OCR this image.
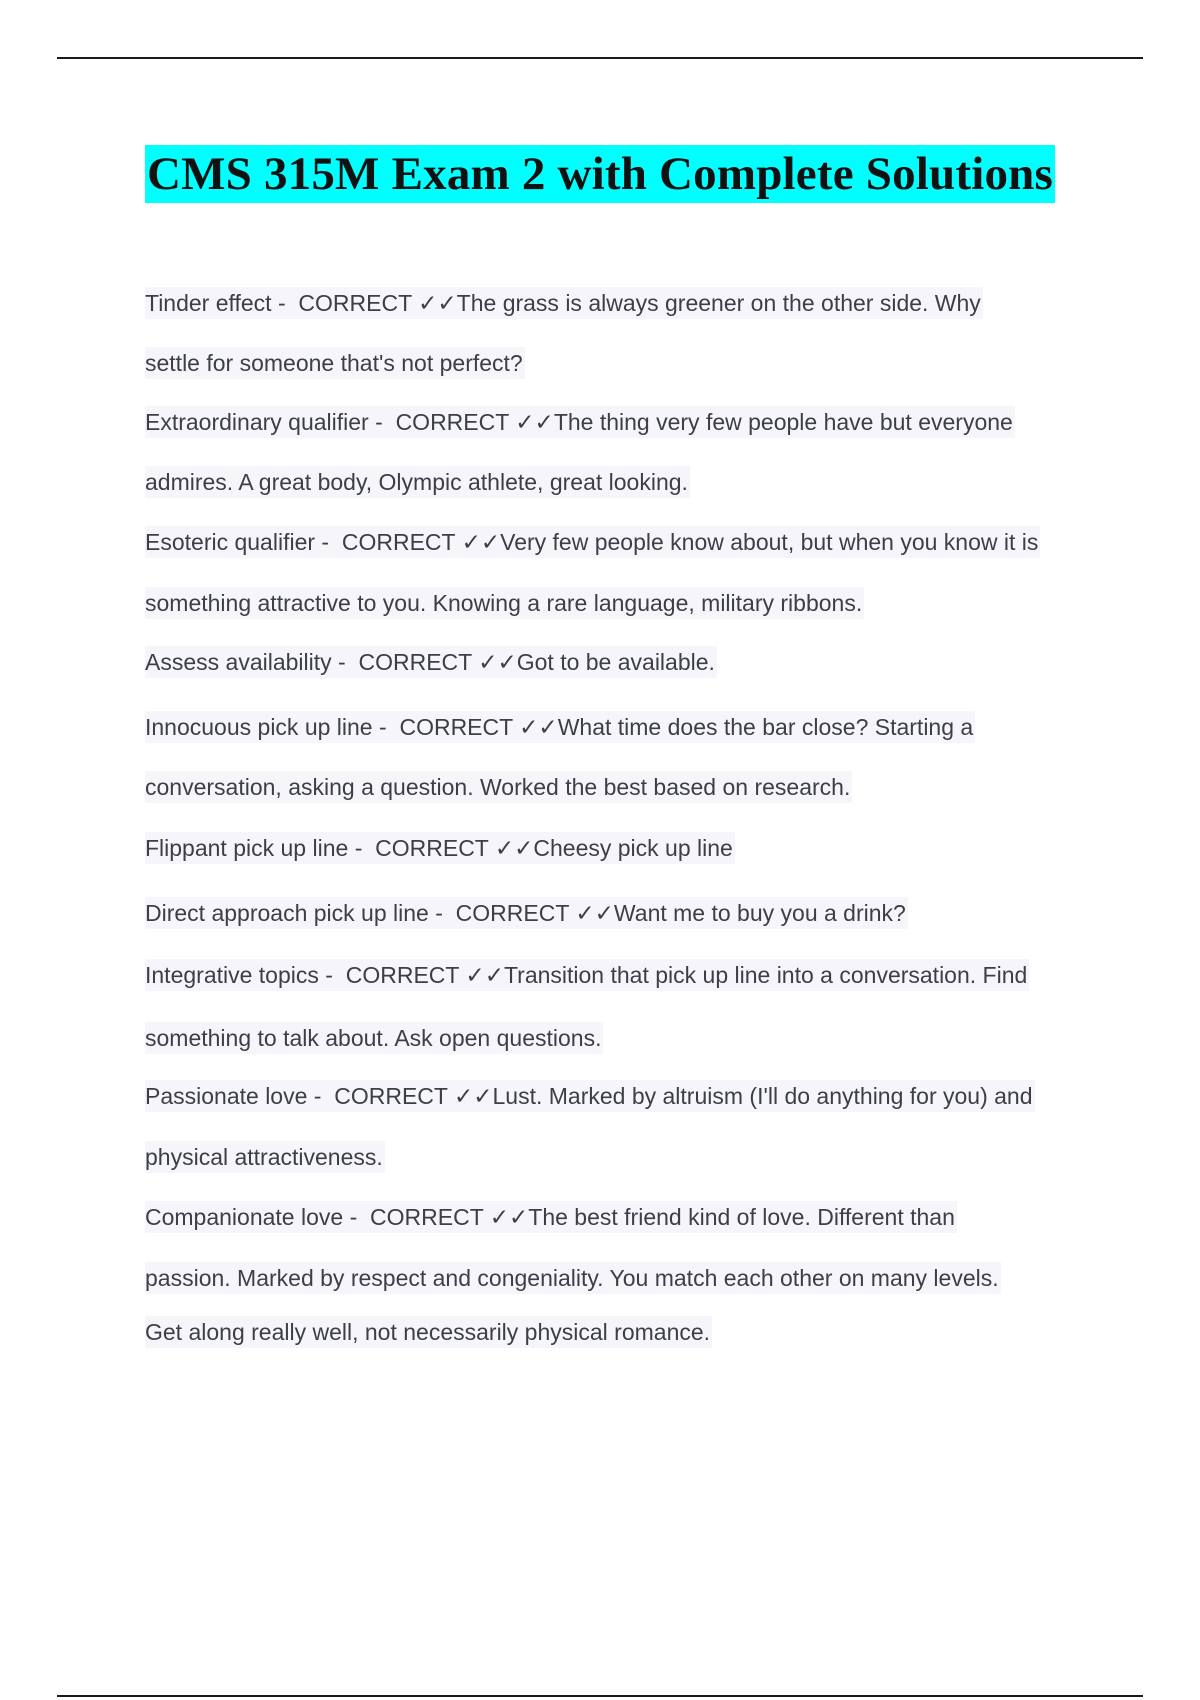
CMS 315M Exam 2 with Complete Solutions
Tinder effect - CORRECT ✓✓The grass is always greener on the other side. Why
settle for someone that's not perfect?
Extraordinary qualifier - CORRECT ✓✓The thing very few people have but everyone
admires. A great body, Olympic athlete, great looking.
Esoteric qualifier - CORRECT ✓✓Very few people know about, but when you know it is
something attractive to you. Knowing a rare language, military ribbons.
Assess availability - CORRECT ✓✓Got to be available.
Innocuous pick up line - CORRECT ✓✓What time does the bar close? Starting a
conversation, asking a question. Worked the best based on research.
Flippant pick up line - CORRECT ✓✓Cheesy pick up line
Direct approach pick up line - CORRECT ✓✓Want me to buy you a drink?
Integrative topics - CORRECT ✓✓Transition that pick up line into a conversation. Find
something to talk about. Ask open questions.
Passionate love - CORRECT ✓✓Lust. Marked by altruism (I'll do anything for you) and
physical attractiveness.
Companionate love - CORRECT ✓✓The best friend kind of love. Different than
passion. Marked by respect and congeniality. You match each other on many levels.
Get along really well, not necessarily physical romance.
